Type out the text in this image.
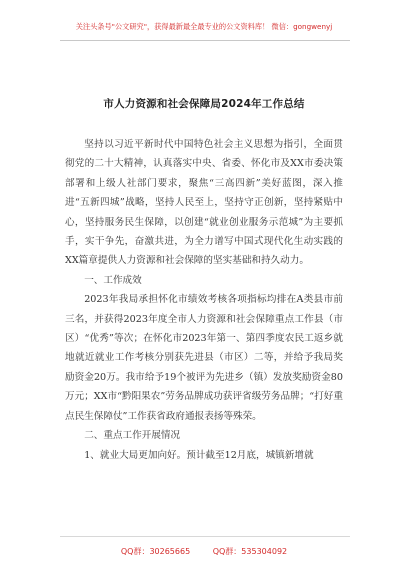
关注头条号"公文研究"，获得最新最全最专业的公文资料库！ 微信：gongwenyj
市人力资源和社会保障局2024年工作总结

坚持以习近平新时代中国特色社会主义思想为指引，全面贯彻党的二十大精神，认真落实中央、省委、怀化市及XX市委决策部署和上级人社部门要求，聚焦“三高四新”美好蓝图，深入推进“五新四城”战略，坚持人民至上，坚持守正创新，坚持紧贴中心，坚持服务民生保障，以创建“就业创业服务示范城”为主要抓手，实干争先，奋激共进，为全力谱写中国式现代化生动实践的XX篇章提供人力资源和社会保障的坚实基础和持久动力。

一、工作成效

2023年我局承担怀化市绩效考核各项指标均排在A类县市前三名，并获得2023年度全市人力资源和社会保障重点工作县（市区）“优秀”等次；在怀化市2023年第一、第四季度农民工返乡就地就近就业工作考核分别获先进县（市区）二等，并给予我局奖励资金20万。我市给予19个被评为先进乡（镇）发放奖励资金80万元；XX市“黔阳果农”劳务品牌成功获评省级劳务品牌；“打好重点民生保障仗”工作获省政府通报表扬等殊荣。

二、重点工作开展情况

1、就业大局更加向好。预计截至12月底，城镇新增就

QQ群：30265665	QQ群：535304092
